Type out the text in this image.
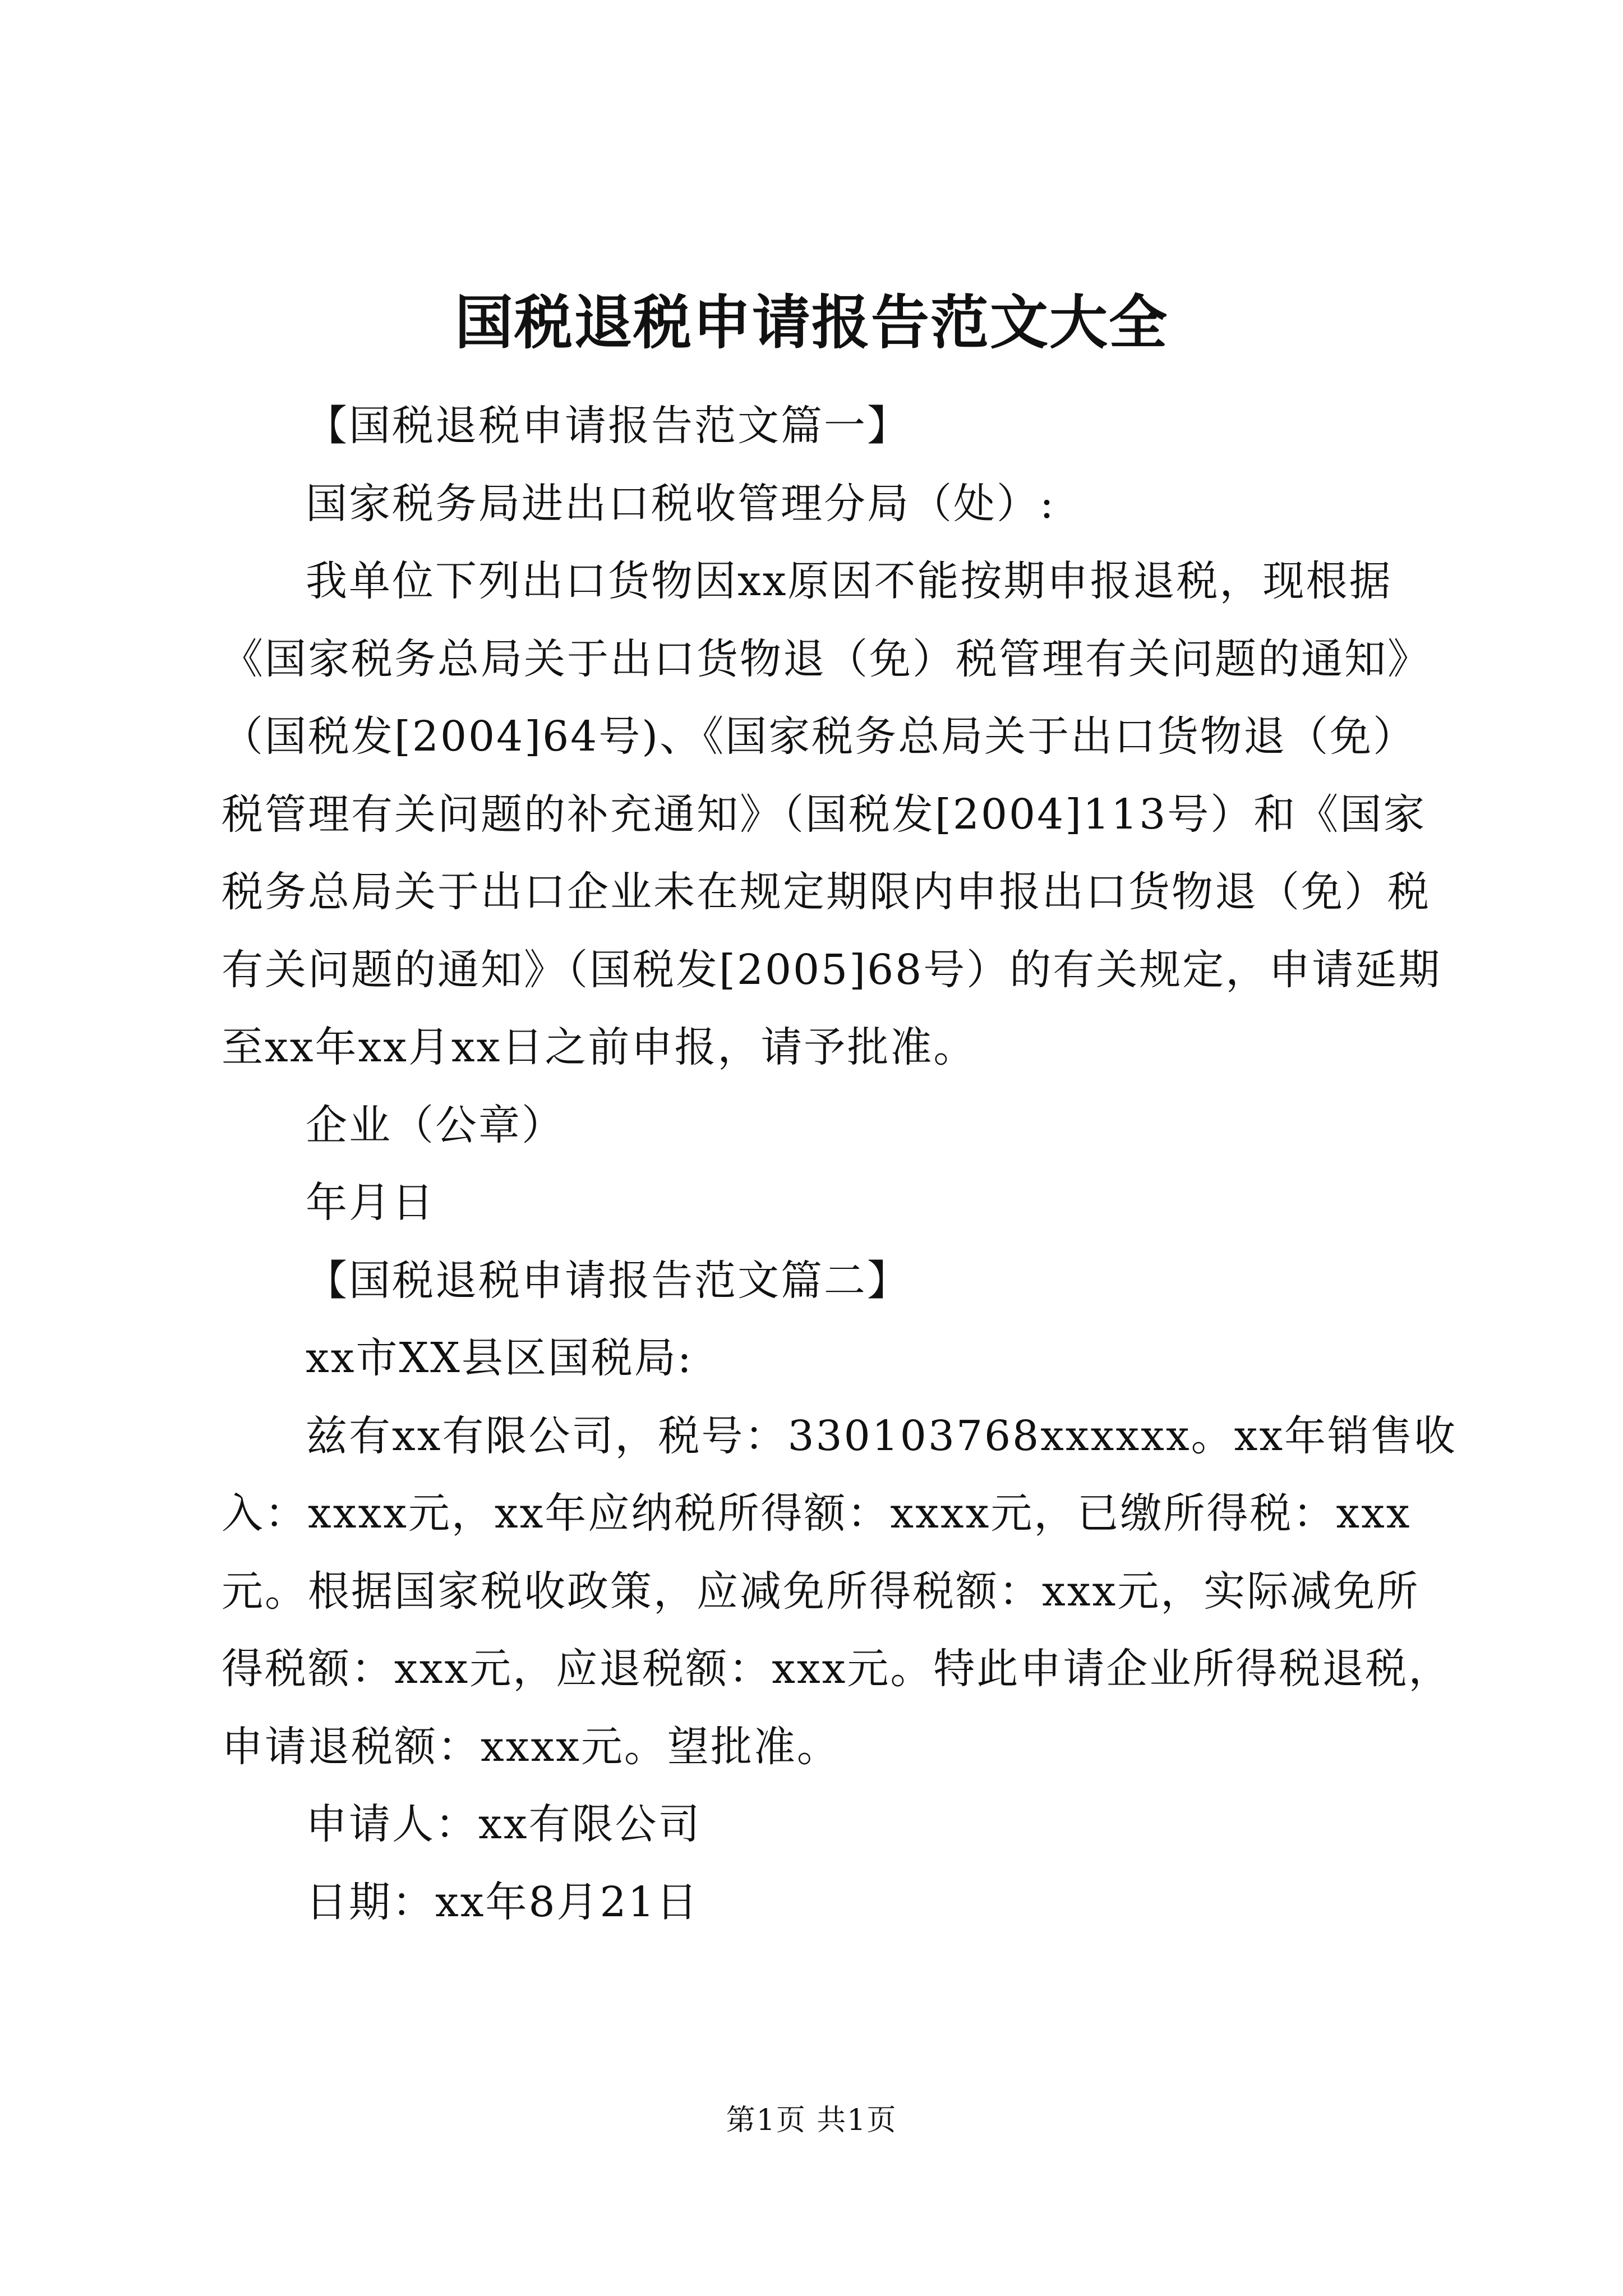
国税退税申请报告范文大全
【国税退税申请报告范文篇一】
国家税务局进出口税收管理分局（处）:
我单位下列出口货物因xx原因不能按期申报退税，现根据
《国家税务总局关于出口货物退（免）税管理有关问题的通知》
（国税发[2004]64号)、《国家税务总局关于出口货物退（免）
税管理有关问题的补充通知》（国税发[2004]113号）和《国家
税务总局关于出口企业未在规定期限内申报出口货物退（免）税
有关问题的通知》（国税发[2005]68号）的有关规定，申请延期
至xx年xx月xx日之前申报，请予批准。
企业（公章）
年月日
【国税退税申请报告范文篇二】
xx市XX县区国税局:
兹有xx有限公司，税号：330103768xxxxxx。xx年销售收
入：xxxx元，xx年应纳税所得额：xxxx元，已缴所得税：xxx
元。根据国家税收政策，应减免所得税额：xxx元，实际减免所
得税额：xxx元，应退税额：xxx元。特此申请企业所得税退税，
申请退税额：xxxx元。望批准。
申请人：xx有限公司
日期：xx年8月21日
第1页 共1页
